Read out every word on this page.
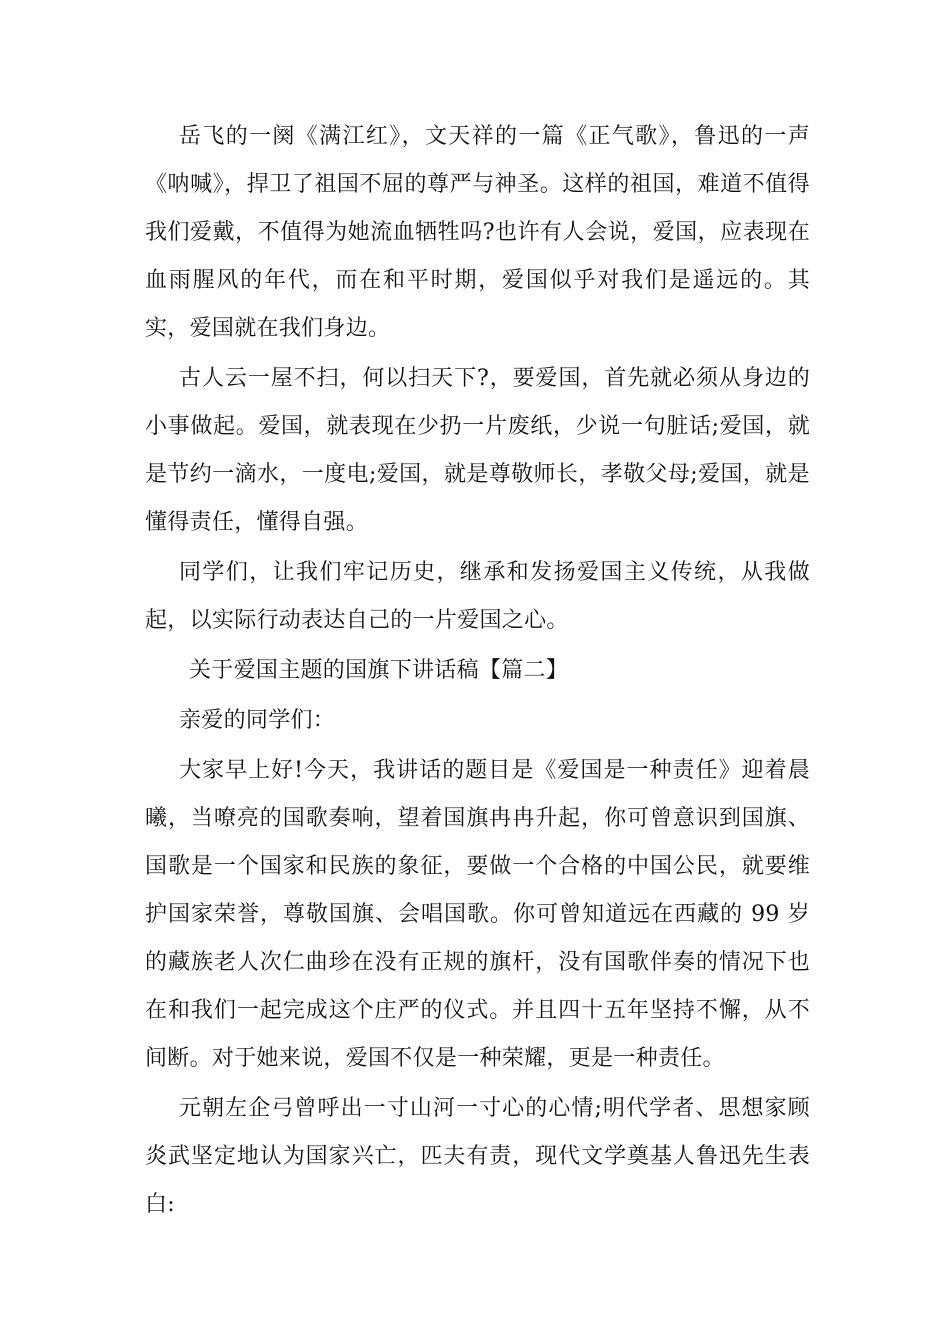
岳飞的一阕《满江红》，文天祥的一篇《正气歌》，鲁迅的一声《呐喊》，捍卫了祖国不屈的尊严与神圣。这样的祖国，难道不值得我们爱戴，不值得为她流血牺牲吗?也许有人会说，爱国，应表现在血雨腥风的年代，而在和平时期，爱国似乎对我们是遥远的。其实，爱国就在我们身边。

古人云一屋不扫，何以扫天下?，要爱国，首先就必须从身边的小事做起。爱国，就表现在少扔一片废纸，少说一句脏话;爱国，就是节约一滴水，一度电;爱国，就是尊敬师长，孝敬父母;爱国，就是懂得责任，懂得自强。

同学们，让我们牢记历史，继承和发扬爱国主义传统，从我做起，以实际行动表达自己的一片爱国之心。

关于爱国主题的国旗下讲话稿【篇二】

亲爱的同学们：

大家早上好!今天，我讲话的题目是《爱国是一种责任》迎着晨曦，当嘹亮的国歌奏响，望着国旗冉冉升起，你可曾意识到国旗、国歌是一个国家和民族的象征，要做一个合格的中国公民，就要维护国家荣誉，尊敬国旗、会唱国歌。你可曾知道远在西藏的 99 岁的藏族老人次仁曲珍在没有正规的旗杆，没有国歌伴奏的情况下也在和我们一起完成这个庄严的仪式。并且四十五年坚持不懈，从不间断。对于她来说，爱国不仅是一种荣耀，更是一种责任。

元朝左企弓曾呼出一寸山河一寸心的心情;明代学者、思想家顾炎武坚定地认为国家兴亡，匹夫有责，现代文学奠基人鲁迅先生表白:
